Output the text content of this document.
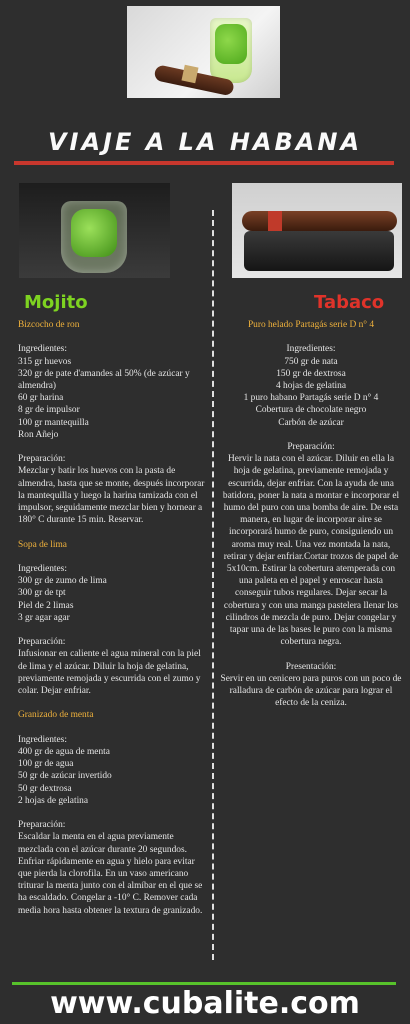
VIAJE A LA HABANA
Mojito	Tabaco
Bizcocho de ron
Ingredientes:
315 gr huevos
320 gr de pate d'amandes al 50% (de azúcar y almendra)
60 gr harina
8 gr de impulsor
100 gr mantequilla
Ron Añejo
Preparación:
Mezclar y batir los huevos con la pasta de almendra, hasta que se monte, después incorporar la mantequilla y luego la harina tamizada con el impulsor, seguidamente mezclar bien y hornear a 180° C durante 15 min. Reservar.
Sopa de lima
Ingredientes:
300 gr de zumo de lima
300 gr de tpt
Piel de 2 limas
3 gr agar agar
Preparación:
Infusionar en caliente el agua mineral con la piel de lima y el azúcar. Diluir la hoja de gelatina, previamente remojada y escurrida con el zumo y colar. Dejar enfriar.
Granizado de menta
Ingredientes:
400 gr de agua de menta
100 gr de agua
50 gr de azúcar invertido
50 gr dextrosa
2 hojas de gelatina
Preparación:
Escaldar la menta en el agua previamente mezclada con el azúcar durante 20 segundos. Enfriar rápidamente en agua y hielo para evitar que pierda la clorofila. En un vaso americano triturar la menta junto con el almíbar en el que se ha escaldado. Congelar a -10° C. Remover cada media hora hasta obtener la textura de granizado.
Puro helado Partagás serie D n° 4
Ingredientes:
750 gr de nata
150 gr de dextrosa
4 hojas de gelatina
1 puro habano Partagás serie D n° 4
Cobertura de chocolate negro
Carbón de azúcar
Preparación:
Hervir la nata con el azúcar. Diluir en ella la hoja de gelatina, previamente remojada y escurrida, dejar enfriar. Con la ayuda de una batidora, poner la nata a montar e incorporar el humo del puro con una bomba de aire. De esta manera, en lugar de incorporar aire se incorporará humo de puro, consiguiendo un aroma muy real. Una vez montada la nata, retirar y dejar enfriar.Cortar trozos de papel de 5x10cm. Estirar la cobertura atemperada con una paleta en el papel y enroscar hasta conseguir tubos regulares. Dejar secar la cobertura y con una manga pastelera llenar los cilindros de mezcla de puro. Dejar congelar y tapar una de las bases le puro con la misma cobertura negra.
Presentación:
Servir en un cenicero para puros con un poco de ralladura de carbón de azúcar para lograr el efecto de la ceniza.
www.cubalite.com
